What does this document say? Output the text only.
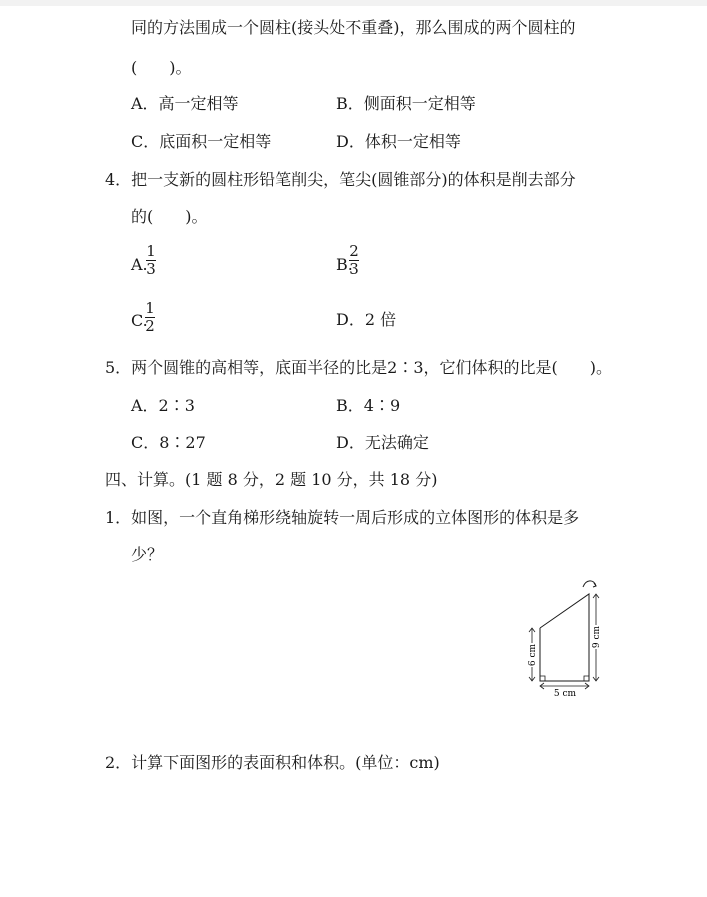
同的方法围成一个圆柱(接头处不重叠)，那么围成的两个圆柱的
(　　)。
A．高一定相等	B．侧面积一定相等
C．底面积一定相等	D．体积一定相等
4．把一支新的圆柱形铅笔削尖，笔尖(圆锥部分)的体积是削去部分
的(　　)。
A.
1
3	B.
2
3
C.
1
2	D．2 倍
5．两个圆锥的高相等，底面半径的比是2∶3，它们体积的比是(　　)。
A．2∶3	B．4∶9
C．8∶27	D．无法确定
四、计算。(1 题 8 分，2 题 10 分，共 18 分)
1．如图，一个直角梯形绕轴旋转一周后形成的立体图形的体积是多
少？
6 cm
9 cm
5 cm
2．计算下面图形的表面积和体积。(单位：cm)
